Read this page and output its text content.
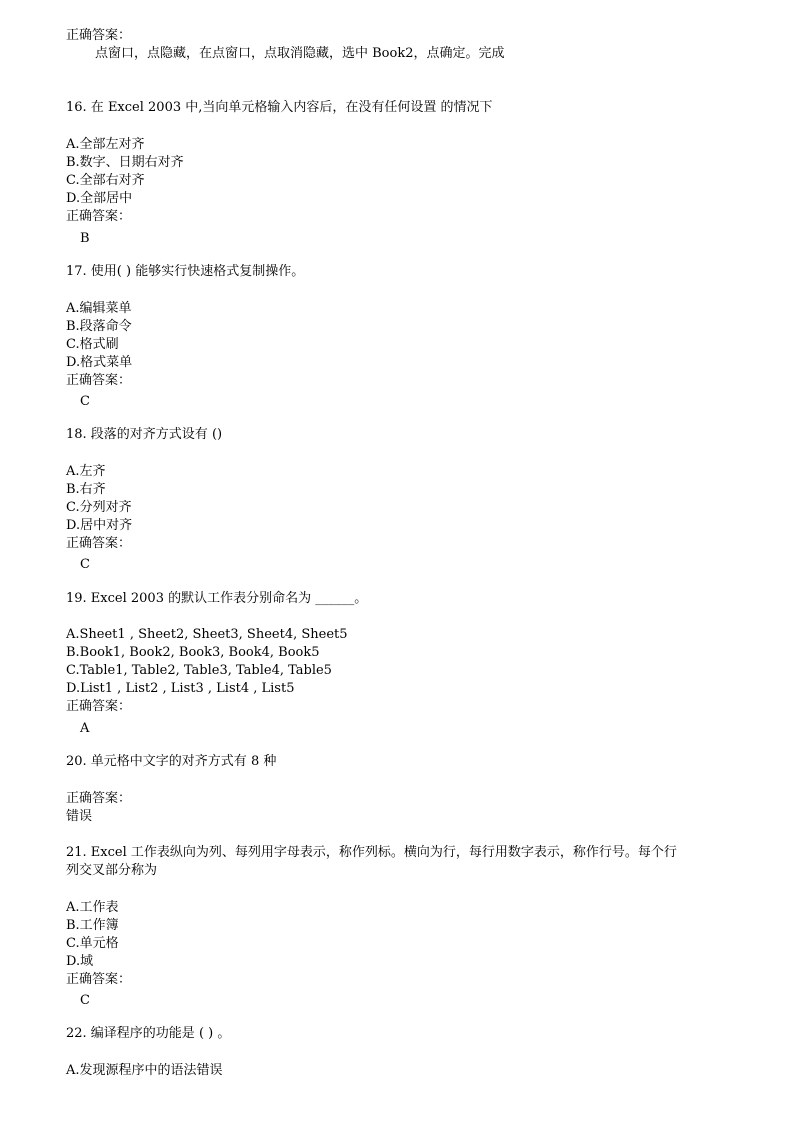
正确答案：
点窗口，点隐藏，在点窗口，点取消隐藏，选中 Book2，点确定。完成
16. 在 Excel 2003 中,当向单元格输入内容后，在没有任何设置 的情况下
A.全部左对齐
B.数字、日期右对齐
C.全部右对齐
D.全部居中
正确答案：
B
17. 使用( ) 能够实行快速格式复制操作。
A.编辑菜单
B.段落命令
C.格式刷
D.格式菜单
正确答案：
C
18. 段落的对齐方式设有 ()
A.左齐
B.右齐
C.分列对齐
D.居中对齐
正确答案：
C
19. Excel 2003 的默认工作表分别命名为 ______。
A.Sheet1 , Sheet2, Sheet3, Sheet4, Sheet5
B.Book1, Book2, Book3, Book4, Book5
C.Table1, Table2, Table3, Table4, Table5
D.List1 , List2 , List3 , List4 , List5
正确答案：
A
20. 单元格中文字的对齐方式有 8 种
正确答案：
错误
21. Excel 工作表纵向为列、每列用字母表示，称作列标。横向为行，每行用数字表示，称作行号。每个行
列交叉部分称为
A.工作表
B.工作簿
C.单元格
D.域
正确答案：
C
22. 编译程序的功能是 ( ) 。
A.发现源程序中的语法错误
